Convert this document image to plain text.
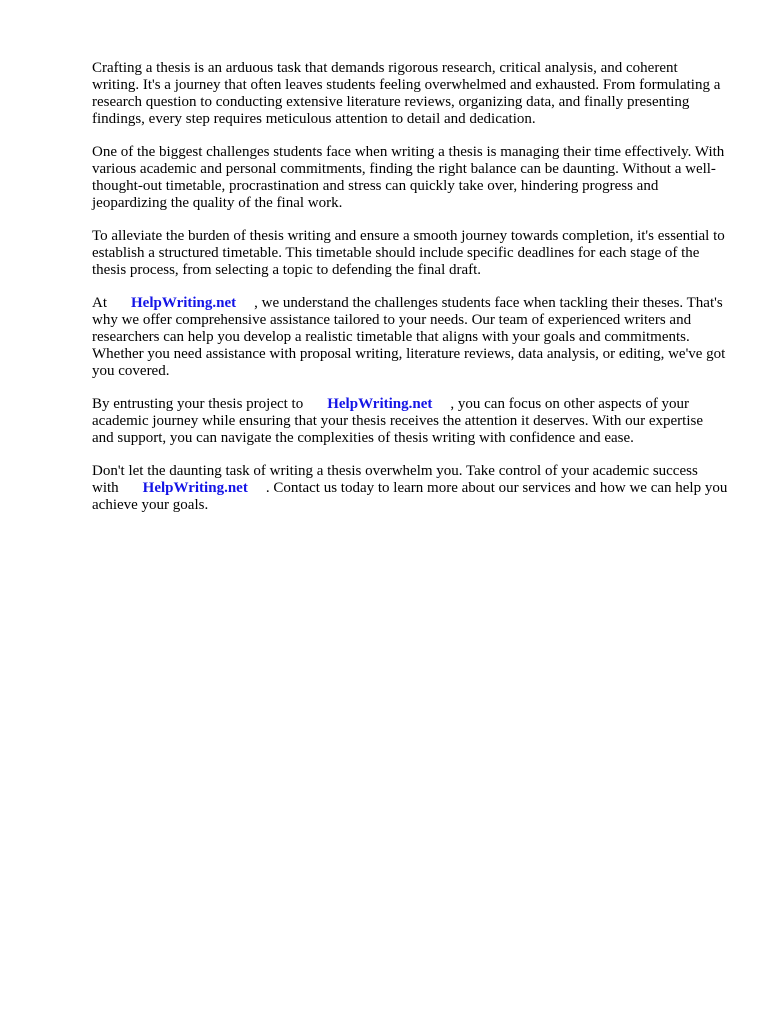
Crafting a thesis is an arduous task that demands rigorous research, critical analysis, and coherent writing. It's a journey that often leaves students feeling overwhelmed and exhausted. From formulating a research question to conducting extensive literature reviews, organizing data, and finally presenting findings, every step requires meticulous attention to detail and dedication.

One of the biggest challenges students face when writing a thesis is managing their time effectively. With various academic and personal commitments, finding the right balance can be daunting. Without a well-thought-out timetable, procrastination and stress can quickly take over, hindering progress and jeopardizing the quality of the final work.

To alleviate the burden of thesis writing and ensure a smooth journey towards completion, it's essential to establish a structured timetable. This timetable should include specific deadlines for each stage of the thesis process, from selecting a topic to defending the final draft.

At HelpWriting.net , we understand the challenges students face when tackling their theses. That's why we offer comprehensive assistance tailored to your needs. Our team of experienced writers and researchers can help you develop a realistic timetable that aligns with your goals and commitments. Whether you need assistance with proposal writing, literature reviews, data analysis, or editing, we've got you covered.

By entrusting your thesis project to HelpWriting.net , you can focus on other aspects of your academic journey while ensuring that your thesis receives the attention it deserves. With our expertise and support, you can navigate the complexities of thesis writing with confidence and ease.

Don't let the daunting task of writing a thesis overwhelm you. Take control of your academic success with HelpWriting.net . Contact us today to learn more about our services and how we can help you achieve your goals.
